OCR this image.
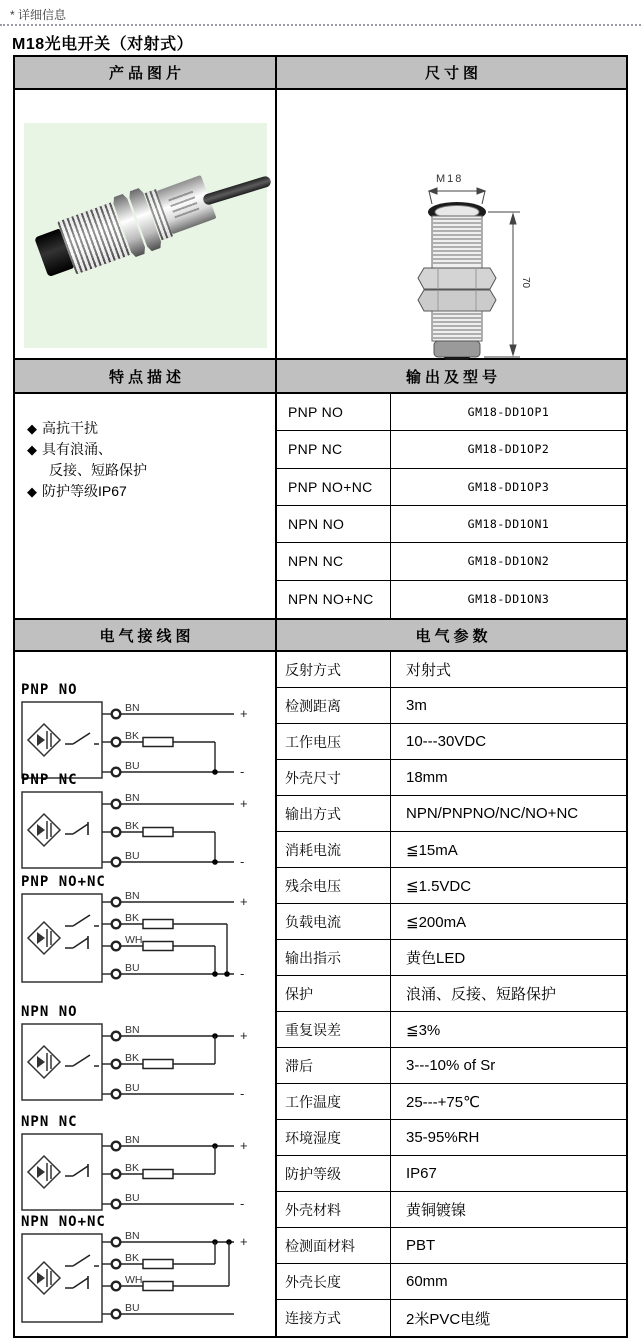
* 详细信息
M18光电开关（对射式）
产品图片	尺寸图
M18
70
特点描述	输出及型号
◆ 高抗干扰
◆ 具有浪涌、
反接、短路保护
◆ 防护等级IP67
PNP NO	GM18-DD1OP1
PNP NC	GM18-DD1OP2
PNP NO+NC	GM18-DD1OP3
NPN NO	GM18-DD1ON1
NPN NC	GM18-DD1ON2
NPN NO+NC	GM18-DD1ON3
电气接线图	电气参数
PNP NO
BN	+
BK
BU	-
PNP NC
BN	+
BK
BU	-
PNP NO+NC
BN	+
BK
WH
BU	-
NPN NO
BN	+
BK
BU	-
NPN NC
BN	+
BK
BU	-
NPN NO+NC
BN	+
BK
WH
BU
反射方式	对射式
检测距离	3m
工作电压	10---30VDC
外壳尺寸	18mm
输出方式	NPN/PNPNO/NC/NO+NC
消耗电流	≦15mA
残余电压	≦1.5VDC
负载电流	≦200mA
输出指示	黄色LED
保护	浪涌、反接、短路保护
重复误差	≦3%
滞后	3---10% of Sr
工作温度	25---+75℃
环境湿度	35-95%RH
防护等级	IP67
外壳材料	黄铜镀镍
检测面材料	PBT
外壳长度	60mm
连接方式	2米PVC电缆
